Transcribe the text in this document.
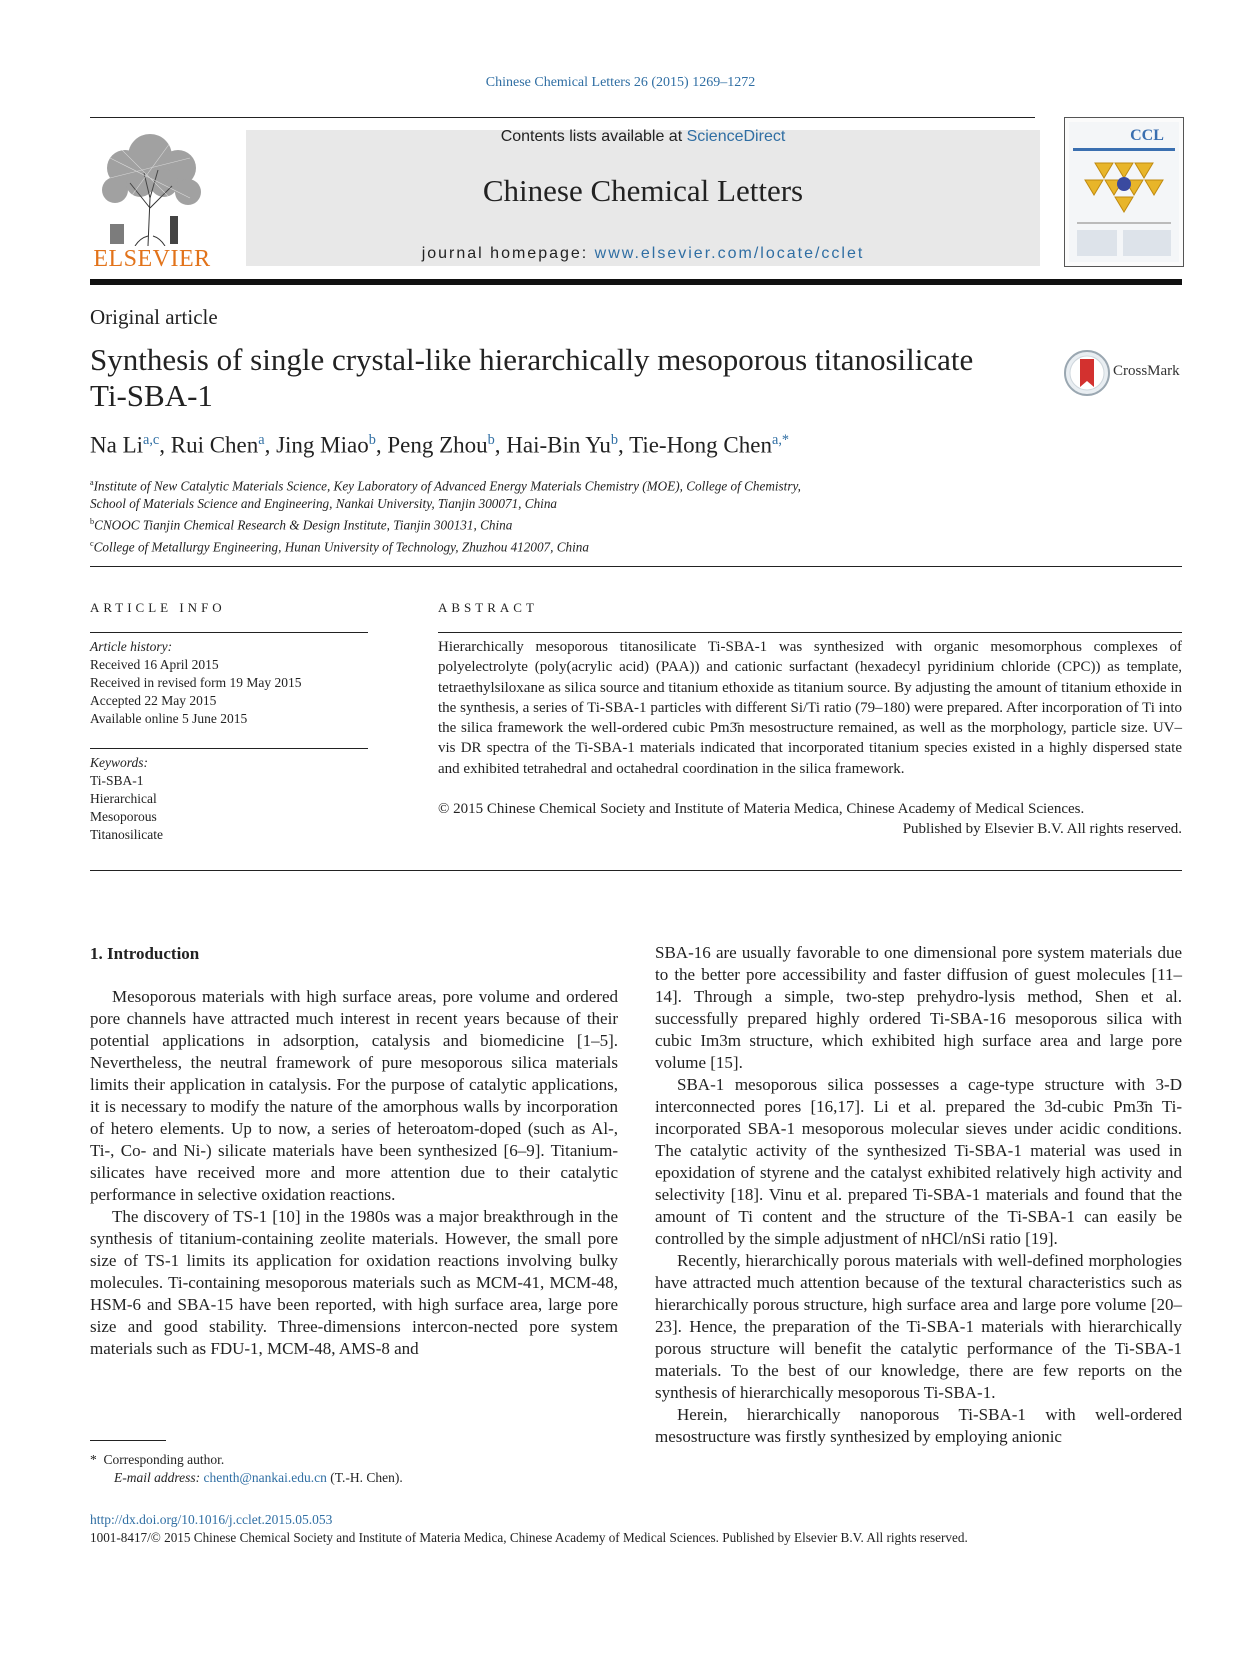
Chinese Chemical Letters 26 (2015) 1269–1272
ELSEVIER
Contents lists available at ScienceDirect
Chinese Chemical Letters
journal homepage: www.elsevier.com/locate/cclet
CCL
Original article
Synthesis of single crystal-like hierarchically mesoporous titanosilicate Ti-SBA-1
CrossMark
Na Li$^{a,c}$, Rui Chen$^a$, Jing Miao$^b$, Peng Zhou$^b$, Hai-Bin Yu$^b$, Tie-Hong Chen$^{a,*}$
$^a$Institute of New Catalytic Materials Science, Key Laboratory of Advanced Energy Materials Chemistry (MOE), College of Chemistry,
School of Materials Science and Engineering, Nankai University, Tianjin 300071, China
$^b$CNOOC Tianjin Chemical Research & Design Institute, Tianjin 300131, China
$^c$College of Metallurgy Engineering, Hunan University of Technology, Zhuzhou 412007, China
ARTICLE INFO	ABSTRACT
Article history:
Received 16 April 2015
Received in revised form 19 May 2015
Accepted 22 May 2015
Available online 5 June 2015
Keywords:
Ti-SBA-1
Hierarchical
Mesoporous
Titanosilicate
Hierarchically mesoporous titanosilicate Ti-SBA-1 was synthesized with organic mesomorphous complexes of polyelectrolyte (poly(acrylic acid) (PAA)) and cationic surfactant (hexadecyl pyridinium chloride (CPC)) as template, tetraethylsiloxane as silica source and titanium ethoxide as titanium source. By adjusting the amount of titanium ethoxide in the synthesis, a series of Ti-SBA-1 particles with different Si/Ti ratio (79–180) were prepared. After incorporation of Ti into the silica framework the well-ordered cubic Pm3̄n mesostructure remained, as well as the morphology, particle size. UV–vis DR spectra of the Ti-SBA-1 materials indicated that incorporated titanium species existed in a highly dispersed state and exhibited tetrahedral and octahedral coordination in the silica framework.
© 2015 Chinese Chemical Society and Institute of Materia Medica, Chinese Academy of Medical Sciences.
Published by Elsevier B.V. All rights reserved.
1. Introduction

Mesoporous materials with high surface areas, pore volume and ordered pore channels have attracted much interest in recent years because of their potential applications in adsorption, catalysis and biomedicine [1–5]. Nevertheless, the neutral framework of pure mesoporous silica materials limits their application in catalysis. For the purpose of catalytic applications, it is necessary to modify the nature of the amorphous walls by incorporation of hetero elements. Up to now, a series of heteroatom-doped (such as Al-, Ti-, Co- and Ni-) silicate materials have been synthesized [6–9]. Titanium-silicates have received more and more attention due to their catalytic performance in selective oxidation reactions.

The discovery of TS-1 [10] in the 1980s was a major breakthrough in the synthesis of titanium-containing zeolite materials. However, the small pore size of TS-1 limits its application for oxidation reactions involving bulky molecules. Ti-containing mesoporous materials such as MCM-41, MCM-48, HSM-6 and SBA-15 have been reported, with high surface area, large pore size and good stability. Three-dimensions intercon-nected pore system materials such as FDU-1, MCM-48, AMS-8 and

SBA-16 are usually favorable to one dimensional pore system materials due to the better pore accessibility and faster diffusion of guest molecules [11–14]. Through a simple, two-step prehydro-lysis method, Shen et al. successfully prepared highly ordered Ti-SBA-16 mesoporous silica with cubic Im3m structure, which exhibited high surface area and large pore volume [15].

SBA-1 mesoporous silica possesses a cage-type structure with 3-D interconnected pores [16,17]. Li et al. prepared the 3d-cubic Pm3̄n Ti-incorporated SBA-1 mesoporous molecular sieves under acidic conditions. The catalytic activity of the synthesized Ti-SBA-1 material was used in epoxidation of styrene and the catalyst exhibited relatively high activity and selectivity [18]. Vinu et al. prepared Ti-SBA-1 materials and found that the amount of Ti content and the structure of the Ti-SBA-1 can easily be controlled by the simple adjustment of nHCl/nSi ratio [19].

Recently, hierarchically porous materials with well-defined morphologies have attracted much attention because of the textural characteristics such as hierarchically porous structure, high surface area and large pore volume [20–23]. Hence, the preparation of the Ti-SBA-1 materials with hierarchically porous structure will benefit the catalytic performance of the Ti-SBA-1 materials. To the best of our knowledge, there are few reports on the synthesis of hierarchically mesoporous Ti-SBA-1.

Herein, hierarchically nanoporous Ti-SBA-1 with well-ordered mesostructure was firstly synthesized by employing anionic

* Corresponding author.
E-mail address: chenth@nankai.edu.cn (T.-H. Chen).
http://dx.doi.org/10.1016/j.cclet.2015.05.053
1001-8417/© 2015 Chinese Chemical Society and Institute of Materia Medica, Chinese Academy of Medical Sciences. Published by Elsevier B.V. All rights reserved.
